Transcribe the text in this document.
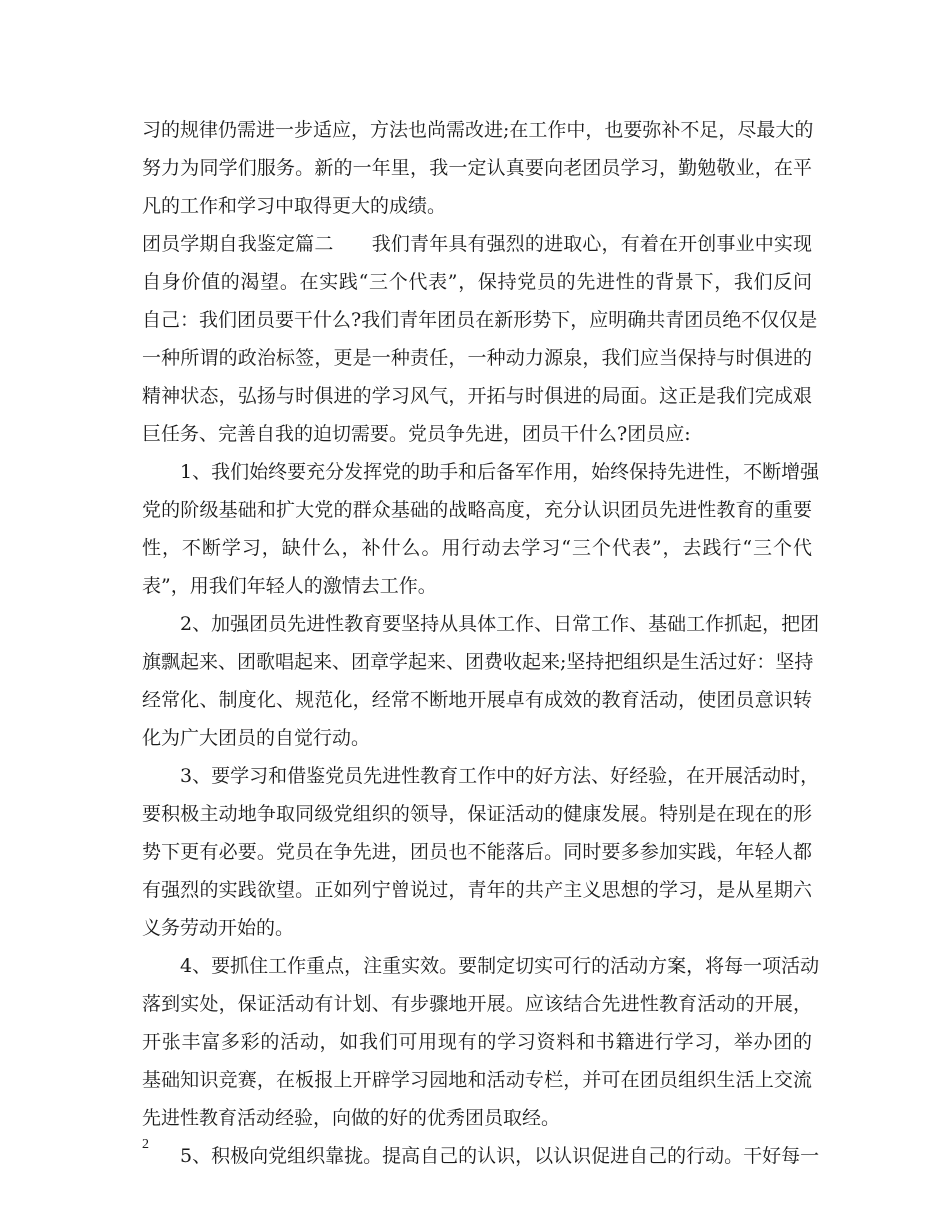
习的规律仍需进一步适应，方法也尚需改进;在工作中，也要弥补不足，尽最大的
努力为同学们服务。新的一年里，我一定认真要向老团员学习，勤勉敬业，在平
凡的工作和学习中取得更大的成绩。
团员学期自我鉴定篇二　　我们青年具有强烈的进取心，有着在开创事业中实现
自身价值的渴望。在实践“三个代表”，保持党员的先进性的背景下，我们反问
自己：我们团员要干什么?我们青年团员在新形势下，应明确共青团员绝不仅仅是
一种所谓的政治标签，更是一种责任，一种动力源泉，我们应当保持与时俱进的
精神状态，弘扬与时俱进的学习风气，开拓与时俱进的局面。这正是我们完成艰
巨任务、完善自我的迫切需要。党员争先进，团员干什么?团员应:
1、我们始终要充分发挥党的助手和后备军作用，始终保持先进性，不断增强
党的阶级基础和扩大党的群众基础的战略高度，充分认识团员先进性教育的重要
性，不断学习，缺什么，补什么。用行动去学习“三个代表”，去践行“三个代
表”，用我们年轻人的激情去工作。
2、加强团员先进性教育要坚持从具体工作、日常工作、基础工作抓起，把团
旗飘起来、团歌唱起来、团章学起来、团费收起来;坚持把组织是生活过好：坚持
经常化、制度化、规范化，经常不断地开展卓有成效的教育活动，使团员意识转
化为广大团员的自觉行动。
3、要学习和借鉴党员先进性教育工作中的好方法、好经验，在开展活动时，
要积极主动地争取同级党组织的领导，保证活动的健康发展。特别是在现在的形
势下更有必要。党员在争先进，团员也不能落后。同时要多参加实践，年轻人都
有强烈的实践欲望。正如列宁曾说过，青年的共产主义思想的学习，是从星期六
义务劳动开始的。
4、要抓住工作重点，注重实效。要制定切实可行的活动方案，将每一项活动
落到实处，保证活动有计划、有步骤地开展。应该结合先进性教育活动的开展，
开张丰富多彩的活动，如我们可用现有的学习资料和书籍进行学习，举办团的
基础知识竞赛，在板报上开辟学习园地和活动专栏，并可在团员组织生活上交流
先进性教育活动经验，向做的好的优秀团员取经。
5、积极向党组织靠拢。提高自己的认识，以认识促进自己的行动。干好每一
2
